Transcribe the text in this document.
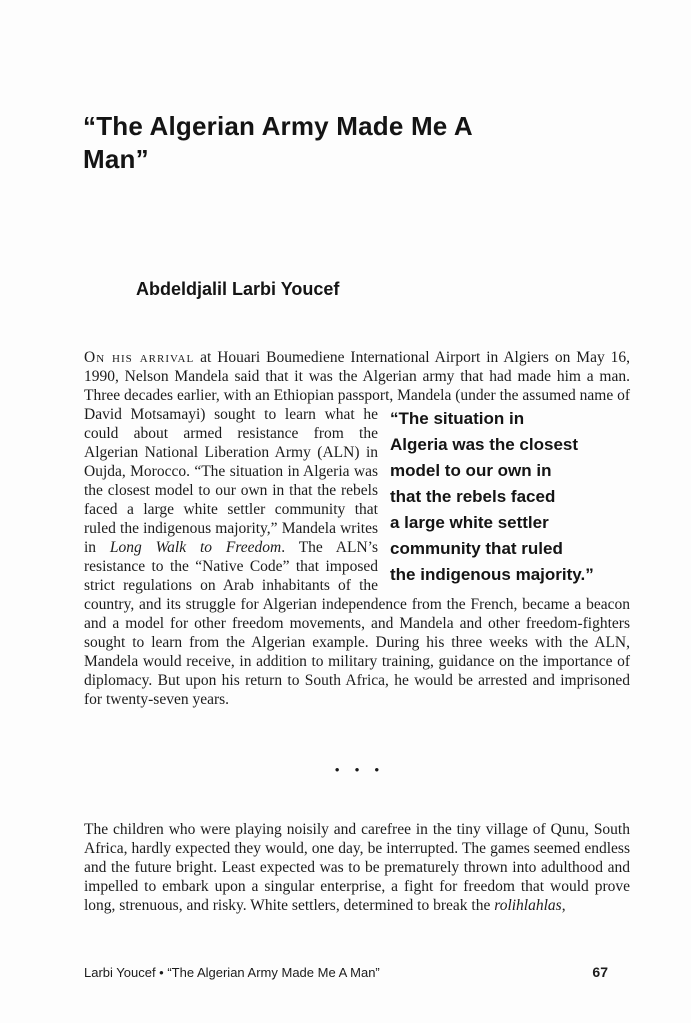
“The Algerian Army Made Me A
Man”
Abdeldjalil Larbi Youcef

On his arrival at Houari Boumediene International Airport in Algiers on May 16, 1990, Nelson Mandela said that it was the Algerian army that had made him a man. Three decades earlier, with an Ethiopian passport, Mandela (under the assumed name of David Motsamayi) sought	“The situation in
Algeria was the closest
model to our own in
that the rebels faced
a large white settler
community that ruled
the indigenous majority.”
to learn what he could about armed resistance from the Algerian National Liberation Army (ALN) in Oujda, Morocco. “The situation in Algeria was the closest model to our own in that the rebels faced a large white settler community that ruled the indigenous majority,” Mandela writes in Long Walk to Freedom. The ALN’s resistance to the “Native Code” that imposed strict regulations on Arab inhabitants of the country, and its struggle for Algerian independence from the French, became a beacon and a model for other freedom movements, and Mandela and other freedom-fighters sought to learn from the Algerian example. During his three weeks with the ALN, Mandela would receive, in addition to military training, guidance on the importance of diplomacy. But upon his return to South Africa, he would be arrested and imprisoned for twenty-seven years.

• • •

The children who were playing noisily and carefree in the tiny village of Qunu, South Africa, hardly expected they would, one day, be interrupted. The games seemed endless and the future bright. Least expected was to be prematurely thrown into adulthood and impelled to embark upon a singular enterprise, a fight for freedom that would prove long, strenuous, and risky. White settlers, determined to break the rolihlahlas,

Larbi Youcef • “The Algerian Army Made Me A Man”	67
